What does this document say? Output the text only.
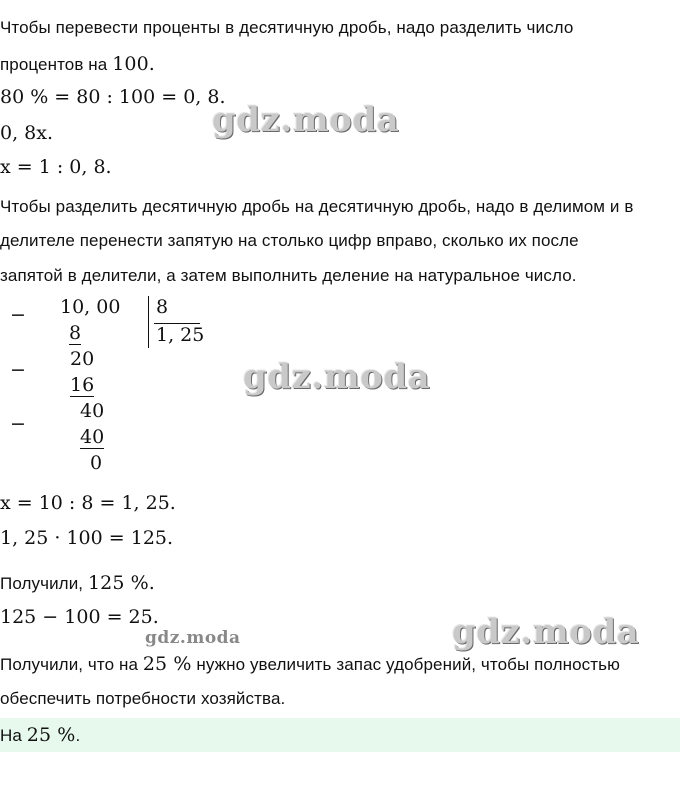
Чтобы перевести проценты в десятичную дробь, надо разделить число
процентов на 100.
80 % = 80 : 100 = 0, 8.
0, 8x.
x = 1 : 0, 8.
Чтобы разделить десятичную дробь на десятичную дробь, надо в делимом и в
делителе перенести запятую на столько цифр вправо, сколько их после
запятой в делители, а затем выполнить деление на натуральное число.
−
−
−
10, 00
8
20
16
40
40
0
8
1, 25
x = 10 : 8 = 1, 25.
1, 25 · 100 = 125.
Получили, 125 %.
125 − 100 = 25.
Получили, что на 25 % нужно увеличить запас удобрений, чтобы полностью
обеспечить потребности хозяйства.
На 25 %.
gdz.moda
gdz.moda
gdz.moda	gdz.moda
